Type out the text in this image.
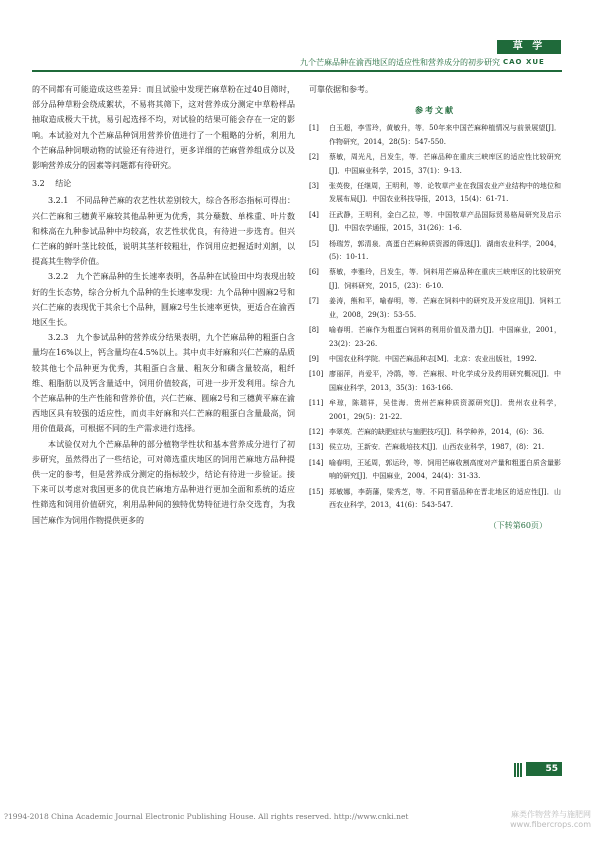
草 学
九个芒麻品种在渝西地区的适应性和营养成分的初步研究 CAO XUE

的不同都有可能造成这些差异：而且试验中发现芒麻草粉在过40目筛时，部分品种草粉会绕成絮状，不易将其筛下，这对营养成分测定中草粉样品抽取造成极大干扰，易引起选择不均，对试验的结果可能会存在一定的影响。本试验对九个芒麻品种饲用营养价值进行了一个粗略的分析，利用九个芒麻品种饲喂动物的试验还有待进行，更多详细的芒麻营养组成分以及影响营养成分的因素等问题都有待研究。

3.2 结论

3.2.1 不同品种芒麻的农艺性状差别较大，综合各形态指标可得出：兴仁芒麻和三穗黄平麻较其他品种更为优秀，其分蘖数、单株重、叶片数和株高在九种参试品种中均较高，农艺性状优良，有待进一步选育。但兴仁芒麻的鲜叶茎比较低，说明其茎秆较粗壮，作饲用应把握适时刈割，以提高其生物学价值。

3.2.2 九个芒麻品种的生长速率表明，各品种在试验田中均表现出较好的生长态势，综合分析九个品种的生长速率发现：九个品种中圆麻2号和兴仁芒麻的表现优于其余七个品种，圆麻2号生长速率更快，更适合在渝西地区生长。

3.2.3 九个参试品种的营养成分结果表明，九个芒麻品种的粗蛋白含量均在16%以上，钙含量均在4.5%以上。其中贞丰好麻和兴仁芒麻的品质较其他七个品种更为优秀，其粗蛋白含量、粗灰分和磷含量较高，粗纤维、粗脂肪以及钙含量适中，饲用价值较高，可进一步开发利用。综合九个芒麻品种的生产性能和营养价值，兴仁芒麻、圆麻2号和三穗黄平麻在渝西地区具有较强的适应性，而贞丰好麻和兴仁芒麻的粗蛋白含量最高，饲用价值最高，可根据不同的生产需求进行选择。

本试验仅对九个芒麻品种的部分植物学性状和基本营养成分进行了初步研究，虽然得出了一些结论，可对筛选重庆地区的饲用芒麻地方品种提供一定的参考，但是营养成分测定的指标较少，结论有待进一步验证。接下来可以考虑对我国更多的优良芒麻地方品种进行更加全面和系统的适应性筛选和饲用价值研究，利用品种间的独特优势特征进行杂交选育，为我国芒麻作为饲用作物提供更多的

可靠依据和参考。

参考文献
[1] 白玉超，李雪玲，黄敏升，等．50年来中国芒麻种植情况与前景展望[J]．作物研究，2014，28(5)：547-550.
[2] 蔡敏，周光凡，吕发生，等．芒麻品种在重庆三峡库区的适应性比较研究[J]．中国麻业科学，2015，37(1)：9-13.
[3] 张英俊，任继周，王明利，等．论牧草产业在我国农业产业结构中的地位和发展布局[J]．中国农业科技导报，2013，15(4)：61-71.
[4] 汪武静，王明利，金白乙拉，等．中国牧草产品国际贸易格局研究及启示[J]．中国农学通报，2015，31(26)：1-6.
[5] 杨瑞芳，郭清泉．高蛋白芒麻种质资源的筛选[J]．湖南农业科学，2004，(5)：10-11.
[6] 蔡敏，李雅玲，吕发生，等．饲料用芒麻品种在重庆三峡库区的比较研究[J]．饲料研究，2015，(23)：6-10.
[7] 姜涛，熊和平，喻春明，等．芒麻在饲料中的研究及开发应用[J]．饲料工业，2008，29(3)：53-55.
[8] 喻春明．芒麻作为粗蛋白饲料的利用价值及潜力[J]．中国麻业，2001，23(2)：23-26.
[9] 中国农业科学院．中国芒麻品种志[M]．北京：农业出版社，1992.
[10] 廖丽萍，肖爱平，冷鹃，等．芒麻根、叶化学成分及药用研究概况[J]．中国麻业科学，2013，35(3)：163-166.
[11] 牟琼，陈瑞祥，吴佳海．贵州芒麻种质资源研究[J]．贵州农业科学，2001，29(5)：21-22.
[12] 李翠英．芒麻的缺肥症状与施肥技巧[J]．科学种养，2014，(6)：36.
[13] 侯立功，王新安．芒麻栽培技术[J]．山西农业科学，1987，(8)：21.
[14] 喻春明，王延周，郭运玲，等．饲用芒麻收割高度对产量和粗蛋白质含量影响的研究[J]．中国麻业，2004，24(4)：31-33.
[15] 郑敏娜，李荫藩，梁秀芝，等．不同苜蓿品种在晋北地区的适应性[J]．山西农业科学，2013，41(6)：543-547.
（下转第60页）
55
?1994-2018 China Academic Journal Electronic Publishing House. All rights reserved. http://www.cnki.net	麻类作物营养与施肥网 www.fibercrops.com
